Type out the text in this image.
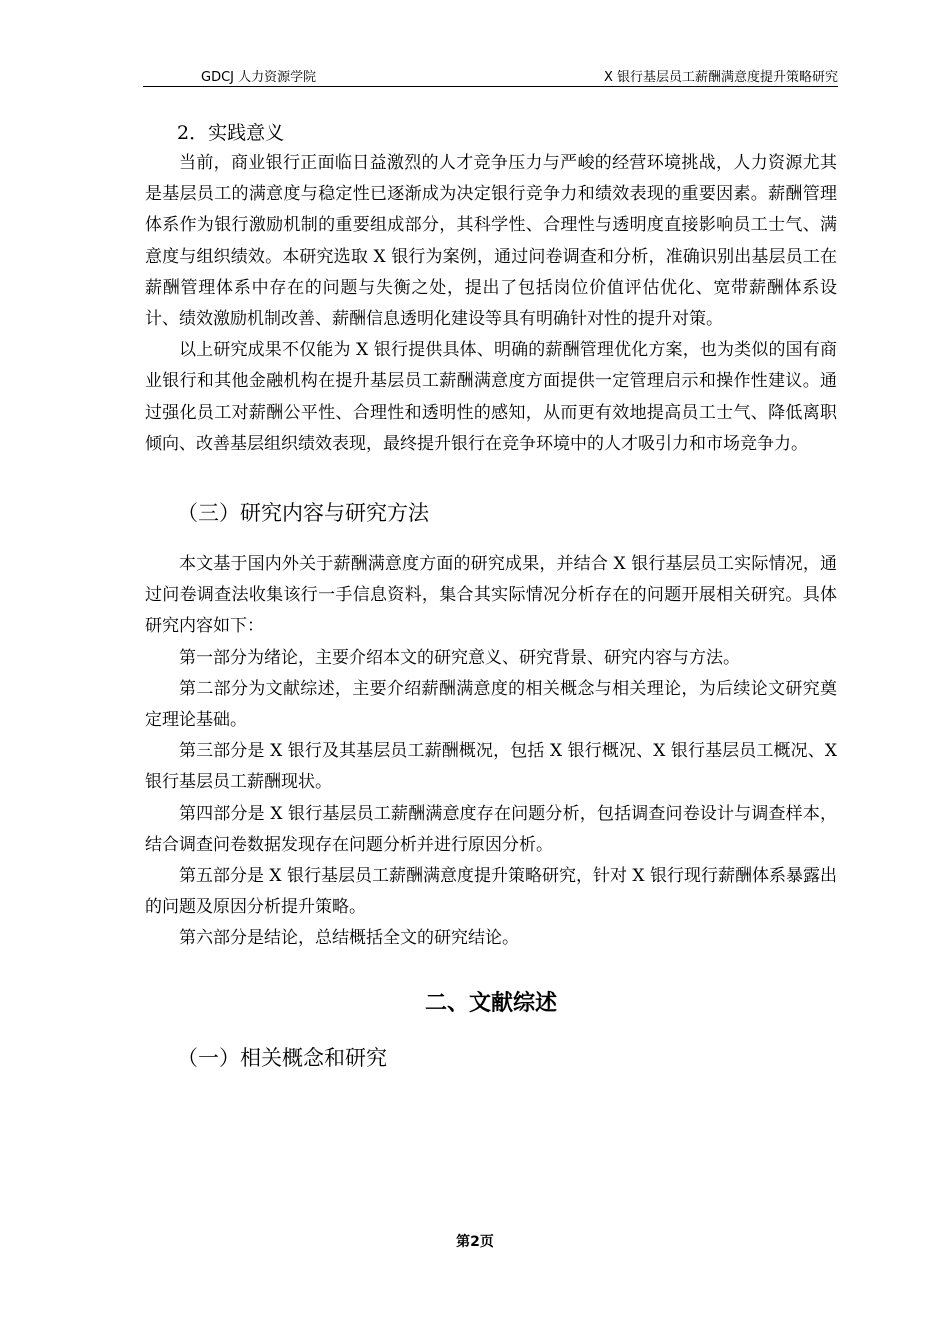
GDCJ 人力资源学院	X 银行基层员工薪酬满意度提升策略研究
2．实践意义

当前，商业银行正面临日益激烈的人才竞争压力与严峻的经营环境挑战，人力资源尤其是基层员工的满意度与稳定性已逐渐成为决定银行竞争力和绩效表现的重要因素。薪酬管理体系作为银行激励机制的重要组成部分，其科学性、合理性与透明度直接影响员工士气、满意度与组织绩效。本研究选取 X 银行为案例，通过问卷调查和分析，准确识别出基层员工在薪酬管理体系中存在的问题与失衡之处，提出了包括岗位价值评估优化、宽带薪酬体系设计、绩效激励机制改善、薪酬信息透明化建设等具有明确针对性的提升对策。

以上研究成果不仅能为 X 银行提供具体、明确的薪酬管理优化方案，也为类似的国有商业银行和其他金融机构在提升基层员工薪酬满意度方面提供一定管理启示和操作性建议。通过强化员工对薪酬公平性、合理性和透明性的感知，从而更有效地提高员工士气、降低离职倾向、改善基层组织绩效表现，最终提升银行在竞争环境中的人才吸引力和市场竞争力。

（三）研究内容与研究方法

本文基于国内外关于薪酬满意度方面的研究成果，并结合 X 银行基层员工实际情况，通过问卷调查法收集该行一手信息资料，集合其实际情况分析存在的问题开展相关研究。具体研究内容如下：

第一部分为绪论，主要介绍本文的研究意义、研究背景、研究内容与方法。

第二部分为文献综述，主要介绍薪酬满意度的相关概念与相关理论，为后续论文研究奠定理论基础。

第三部分是 X 银行及其基层员工薪酬概况，包括 X 银行概况、X 银行基层员工概况、X 银行基层员工薪酬现状。

第四部分是 X 银行基层员工薪酬满意度存在问题分析，包括调查问卷设计与调查样本，结合调查问卷数据发现存在问题分析并进行原因分析。

第五部分是 X 银行基层员工薪酬满意度提升策略研究，针对 X 银行现行薪酬体系暴露出的问题及原因分析提升策略。

第六部分是结论，总结概括全文的研究结论。

二、文献综述
（一）相关概念和研究
第2页
